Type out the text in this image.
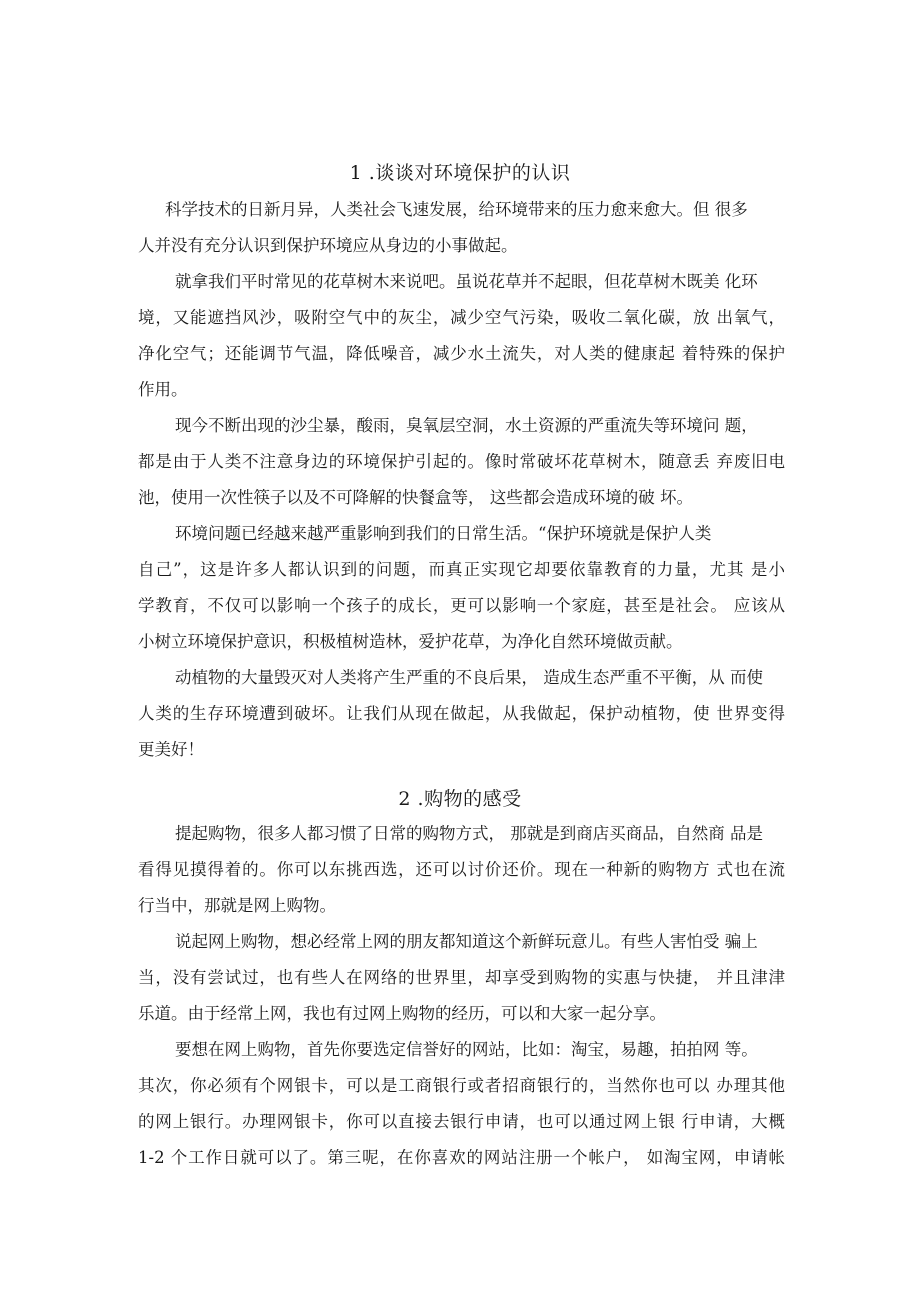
1 .谈谈对环境保护的认识

科学技术的日新月异，人类社会飞速发展，给环境带来的压力愈来愈大。但 很多

人并没有充分认识到保护环境应从身边的小事做起。

就拿我们平时常见的花草树木来说吧。虽说花草并不起眼，但花草树木既美 化环

境，又能遮挡风沙，吸附空气中的灰尘，减少空气污染，吸收二氧化碳，放 出氧气，

净化空气；还能调节气温，降低噪音，减少水土流失，对人类的健康起 着特殊的保护

作用。

现今不断出现的沙尘暴，酸雨，臭氧层空洞，水土资源的严重流失等环境问 题，

都是由于人类不注意身边的环境保护引起的。像时常破坏花草树木，随意丢 弃废旧电

池，使用一次性筷子以及不可降解的快餐盒等， 这些都会造成环境的破 坏。

环境问题已经越来越严重影响到我们的日常生活。“保护环境就是保护人类

自己”，这是许多人都认识到的问题，而真正实现它却要依靠教育的力量，尤其 是小

学教育，不仅可以影响一个孩子的成长，更可以影响一个家庭，甚至是社会。 应该从

小树立环境保护意识，积极植树造林，爱护花草，为净化自然环境做贡献。

动植物的大量毁灭对人类将产生严重的不良后果， 造成生态严重不平衡，从 而使

人类的生存环境遭到破坏。让我们从现在做起，从我做起，保护动植物，使 世界变得

更美好！

2 .购物的感受

提起购物，很多人都习惯了日常的购物方式， 那就是到商店买商品，自然商 品是

看得见摸得着的。你可以东挑西选，还可以讨价还价。现在一种新的购物方 式也在流

行当中，那就是网上购物。

说起网上购物，想必经常上网的朋友都知道这个新鲜玩意儿。有些人害怕受 骗上

当，没有尝试过，也有些人在网络的世界里，却享受到购物的实惠与快捷， 并且津津

乐道。由于经常上网，我也有过网上购物的经历，可以和大家一起分享。

要想在网上购物，首先你要选定信誉好的网站，比如：淘宝，易趣，拍拍网 等。

其次，你必须有个网银卡，可以是工商银行或者招商银行的，当然你也可以 办理其他

的网上银行。办理网银卡，你可以直接去银行申请，也可以通过网上银 行申请，大概

1-2 个工作日就可以了。第三呢，在你喜欢的网站注册一个帐户， 如淘宝网，申请帐
